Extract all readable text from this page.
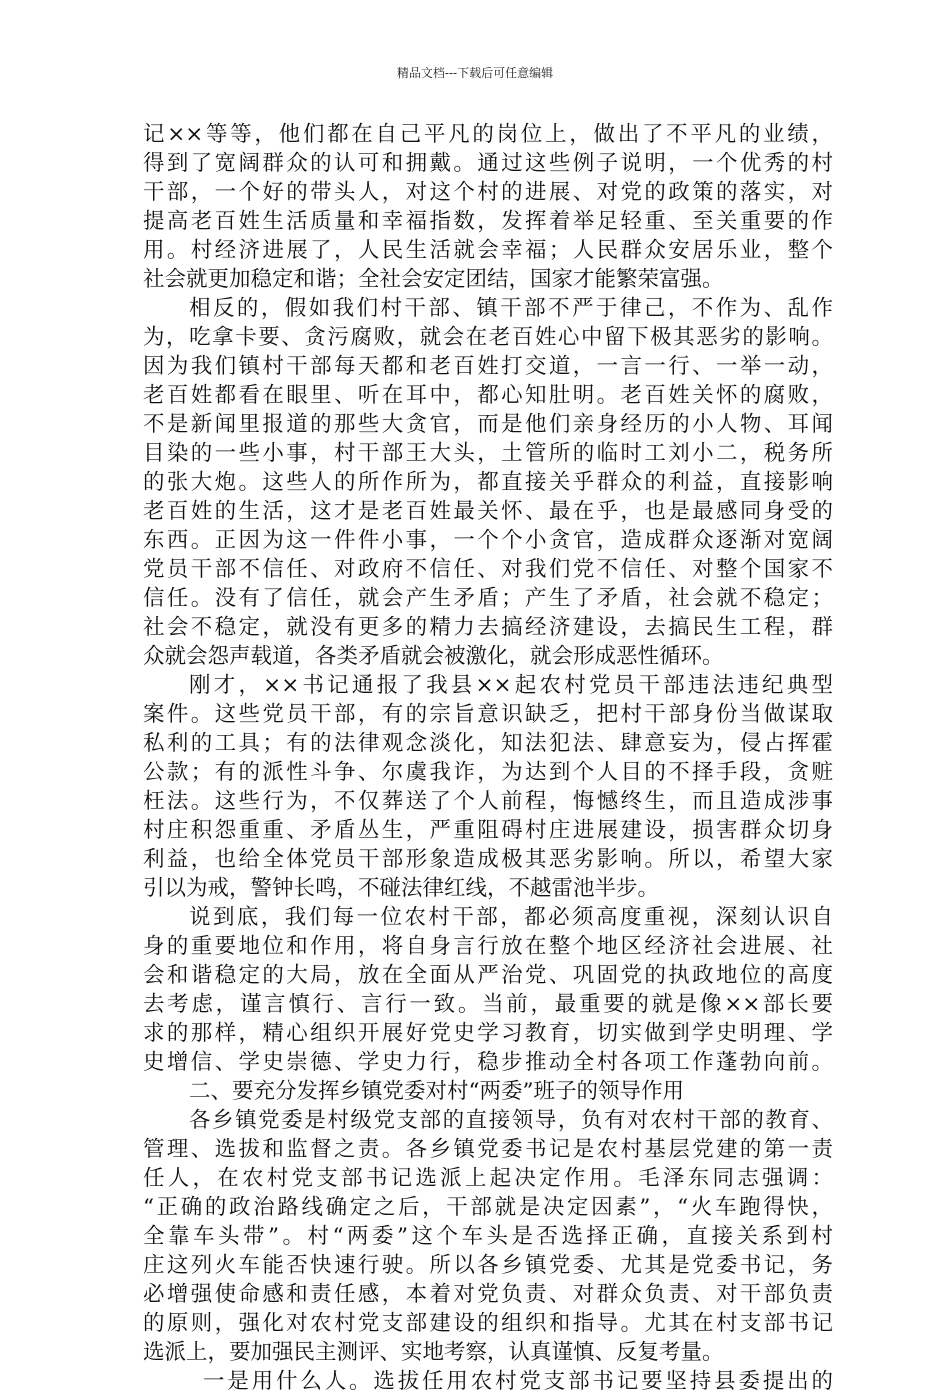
精品文档---下载后可任意编辑
记××等等，他们都在自己平凡的岗位上，做出了不平凡的业绩，
得到了宽阔群众的认可和拥戴。通过这些例子说明，一个优秀的村
干部，一个好的带头人，对这个村的进展、对党的政策的落实，对
提高老百姓生活质量和幸福指数，发挥着举足轻重、至关重要的作
用。村经济进展了，人民生活就会幸福；人民群众安居乐业，整个
社会就更加稳定和谐；全社会安定团结，国家才能繁荣富强。
相反的，假如我们村干部、镇干部不严于律己，不作为、乱作
为，吃拿卡要、贪污腐败，就会在老百姓心中留下极其恶劣的影响。
因为我们镇村干部每天都和老百姓打交道，一言一行、一举一动，
老百姓都看在眼里、听在耳中，都心知肚明。老百姓关怀的腐败，
不是新闻里报道的那些大贪官，而是他们亲身经历的小人物、耳闻
目染的一些小事，村干部王大头，土管所的临时工刘小二，税务所
的张大炮。这些人的所作所为，都直接关乎群众的利益，直接影响
老百姓的生活，这才是老百姓最关怀、最在乎，也是最感同身受的
东西。正因为这一件件小事，一个个小贪官，造成群众逐渐对宽阔
党员干部不信任、对政府不信任、对我们党不信任、对整个国家不
信任。没有了信任，就会产生矛盾；产生了矛盾，社会就不稳定；
社会不稳定，就没有更多的精力去搞经济建设，去搞民生工程，群
众就会怨声载道，各类矛盾就会被激化，就会形成恶性循环。
刚才，××书记通报了我县××起农村党员干部违法违纪典型
案件。这些党员干部，有的宗旨意识缺乏，把村干部身份当做谋取
私利的工具；有的法律观念淡化，知法犯法、肆意妄为，侵占挥霍
公款；有的派性斗争、尔虞我诈，为达到个人目的不择手段，贪赃
枉法。这些行为，不仅葬送了个人前程，悔憾终生，而且造成涉事
村庄积怨重重、矛盾丛生，严重阻碍村庄进展建设，损害群众切身
利益，也给全体党员干部形象造成极其恶劣影响。所以，希望大家
引以为戒，警钟长鸣，不碰法律红线，不越雷池半步。
说到底，我们每一位农村干部，都必须高度重视，深刻认识自
身的重要地位和作用，将自身言行放在整个地区经济社会进展、社
会和谐稳定的大局，放在全面从严治党、巩固党的执政地位的高度
去考虑，谨言慎行、言行一致。当前，最重要的就是像××部长要
求的那样，精心组织开展好党史学习教育，切实做到学史明理、学
史增信、学史崇德、学史力行，稳步推动全村各项工作蓬勃向前。
二、要充分发挥乡镇党委对村“两委”班子的领导作用
各乡镇党委是村级党支部的直接领导，负有对农村干部的教育、
管理、选拔和监督之责。各乡镇党委书记是农村基层党建的第一责
任人，在农村党支部书记选派上起决定作用。毛泽东同志强调：
“正确的政治路线确定之后，干部就是决定因素”，“火车跑得快，
全靠车头带”。村“两委”这个车头是否选择正确，直接关系到村
庄这列火车能否快速行驶。所以各乡镇党委、尤其是党委书记，务
必增强使命感和责任感，本着对党负责、对群众负责、对干部负责
的原则，强化对农村党支部建设的组织和指导。尤其在村支部书记
选派上，要加强民主测评、实地考察，认真谨慎、反复考量。
一是用什么人。选拔任用农村党支部书记要坚持县委提出的
